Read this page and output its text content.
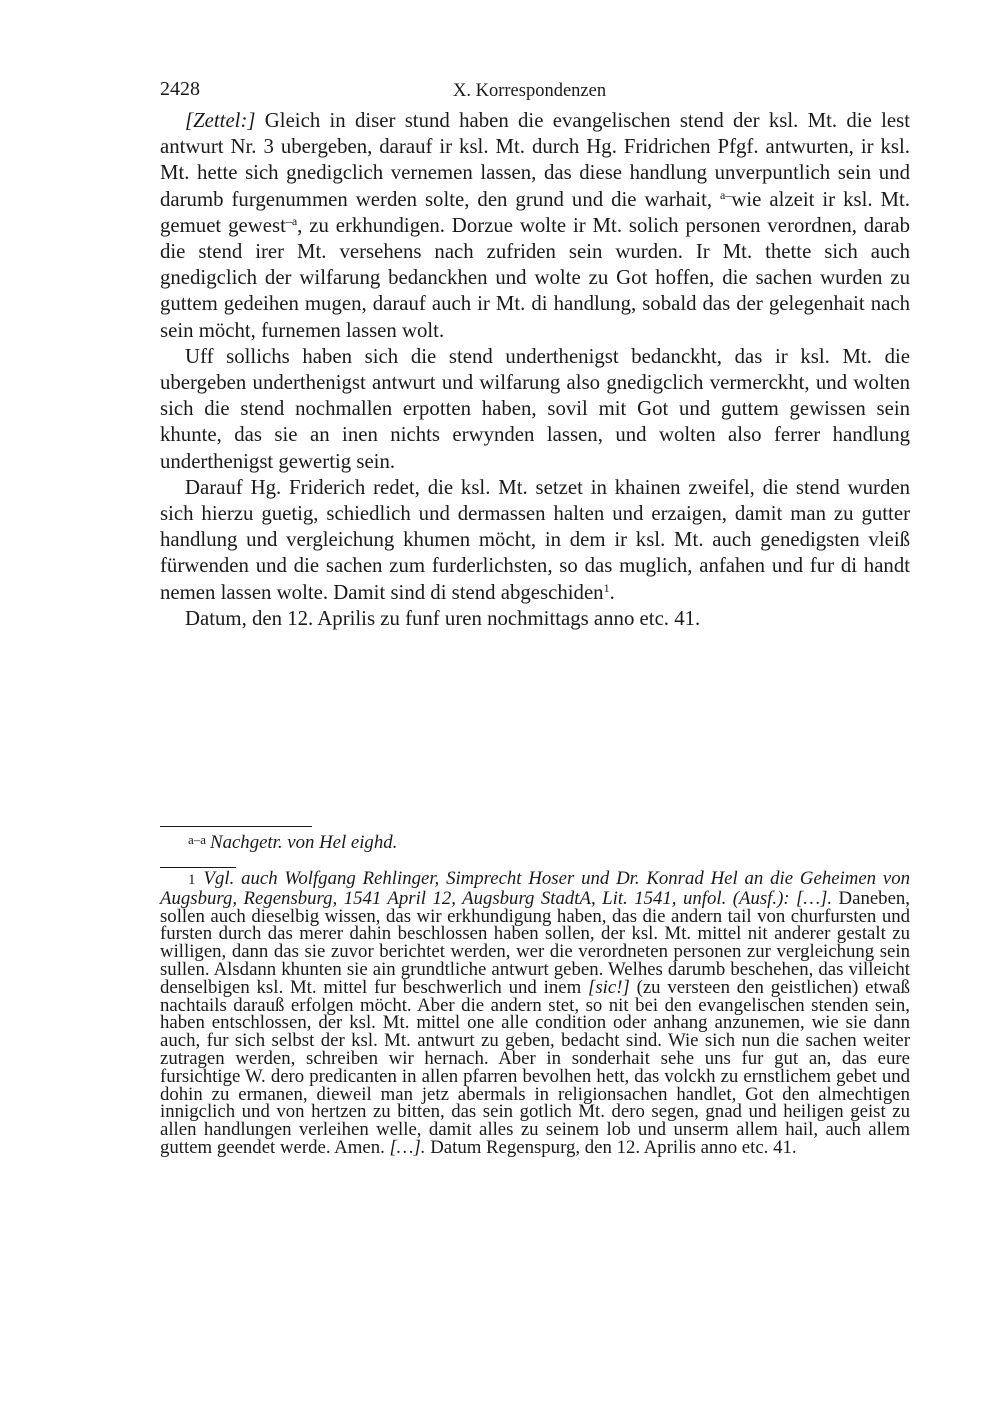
2428	X. Korrespondenzen

[Zettel:] Gleich in diser stund haben die evangelischen stend der ksl. Mt. die lest antwurt Nr. 3 ubergeben, darauf ir ksl. Mt. durch Hg. Fridrichen Pfgf. antwurten, ir ksl. Mt. hette sich gnedigclich vernemen lassen, das diese handlung unverpuntlich sein und darumb furgenummen werden solte, den grund und die warhait, $^{a-}$wie alzeit ir ksl. Mt. gemuet gewest$^{-a}$, zu erkhundigen. Dorzue wolte ir Mt. solich personen verordnen, darab die stend irer Mt. versehens nach zufriden sein wurden. Ir Mt. thette sich auch gnedigclich der wilfarung bedanckhen und wolte zu Got hoffen, die sachen wurden zu guttem gedeihen mugen, darauf auch ir Mt. di handlung, sobald das der gelegenhait nach sein möcht, furnemen lassen wolt.

Uff sollichs haben sich die stend underthenigst bedanckht, das ir ksl. Mt. die ubergeben underthenigst antwurt und wilfarung also gnedigclich vermerckht, und wolten sich die stend nochmallen erpotten haben, sovil mit Got und guttem gewissen sein khunte, das sie an inen nichts erwynden lassen, und wolten also ferrer handlung underthenigst gewertig sein.

Darauf Hg. Friderich redet, die ksl. Mt. setzet in khainen zweifel, die stend wurden sich hierzu guetig, schiedlich und dermassen halten und erzaigen, damit man zu gutter handlung und vergleichung khumen möcht, in dem ir ksl. Mt. auch genedigsten vleiß fürwenden und die sachen zum furderlichsten, so das muglich, anfahen und fur di handt nemen lassen wolte. Damit sind di stend abgeschiden$^1$.

Datum, den 12. Aprilis zu funf uren nochmittags anno etc. 41.

$^{a-a}$ Nachgetr. von Hel eighd.
1 Vgl. auch Wolfgang Rehlinger, Simprecht Hoser und Dr. Konrad Hel an die Geheimen von Augsburg, Regensburg, 1541 April 12, Augsburg StadtA, Lit. 1541, unfol. (Ausf.): […]. Daneben, sollen auch dieselbig wissen, das wir erkhundigung haben, das die andern tail von churfursten und fursten durch das merer dahin beschlossen haben sollen, der ksl. Mt. mittel nit anderer gestalt zu willigen, dann das sie zuvor berichtet werden, wer die verordneten personen zur vergleichung sein sullen. Alsdann khunten sie ain grundtliche antwurt geben. Welhes darumb beschehen, das villeicht denselbigen ksl. Mt. mittel fur beschwerlich und inem [sic!] (zu versteen den geistlichen) etwaß nachtails darauß erfolgen möcht. Aber die andern stet, so nit bei den evangelischen stenden sein, haben entschlossen, der ksl. Mt. mittel one alle condition oder anhang anzunemen, wie sie dann auch, fur sich selbst der ksl. Mt. antwurt zu geben, bedacht sind. Wie sich nun die sachen weiter zutragen werden, schreiben wir hernach. Aber in sonderhait sehe uns fur gut an, das eure fursichtige W. dero predicanten in allen pfarren bevolhen hett, das volckh zu ernstlichem gebet und dohin zu ermanen, dieweil man jetz abermals in religionsachen handlet, Got den almechtigen innigclich und von hertzen zu bitten, das sein gotlich Mt. dero segen, gnad und heiligen geist zu allen handlungen verleihen welle, damit alles zu seinem lob und unserm allem hail, auch allem guttem geendet werde. Amen. […]. Datum Regenspurg, den 12. Aprilis anno etc. 41.
